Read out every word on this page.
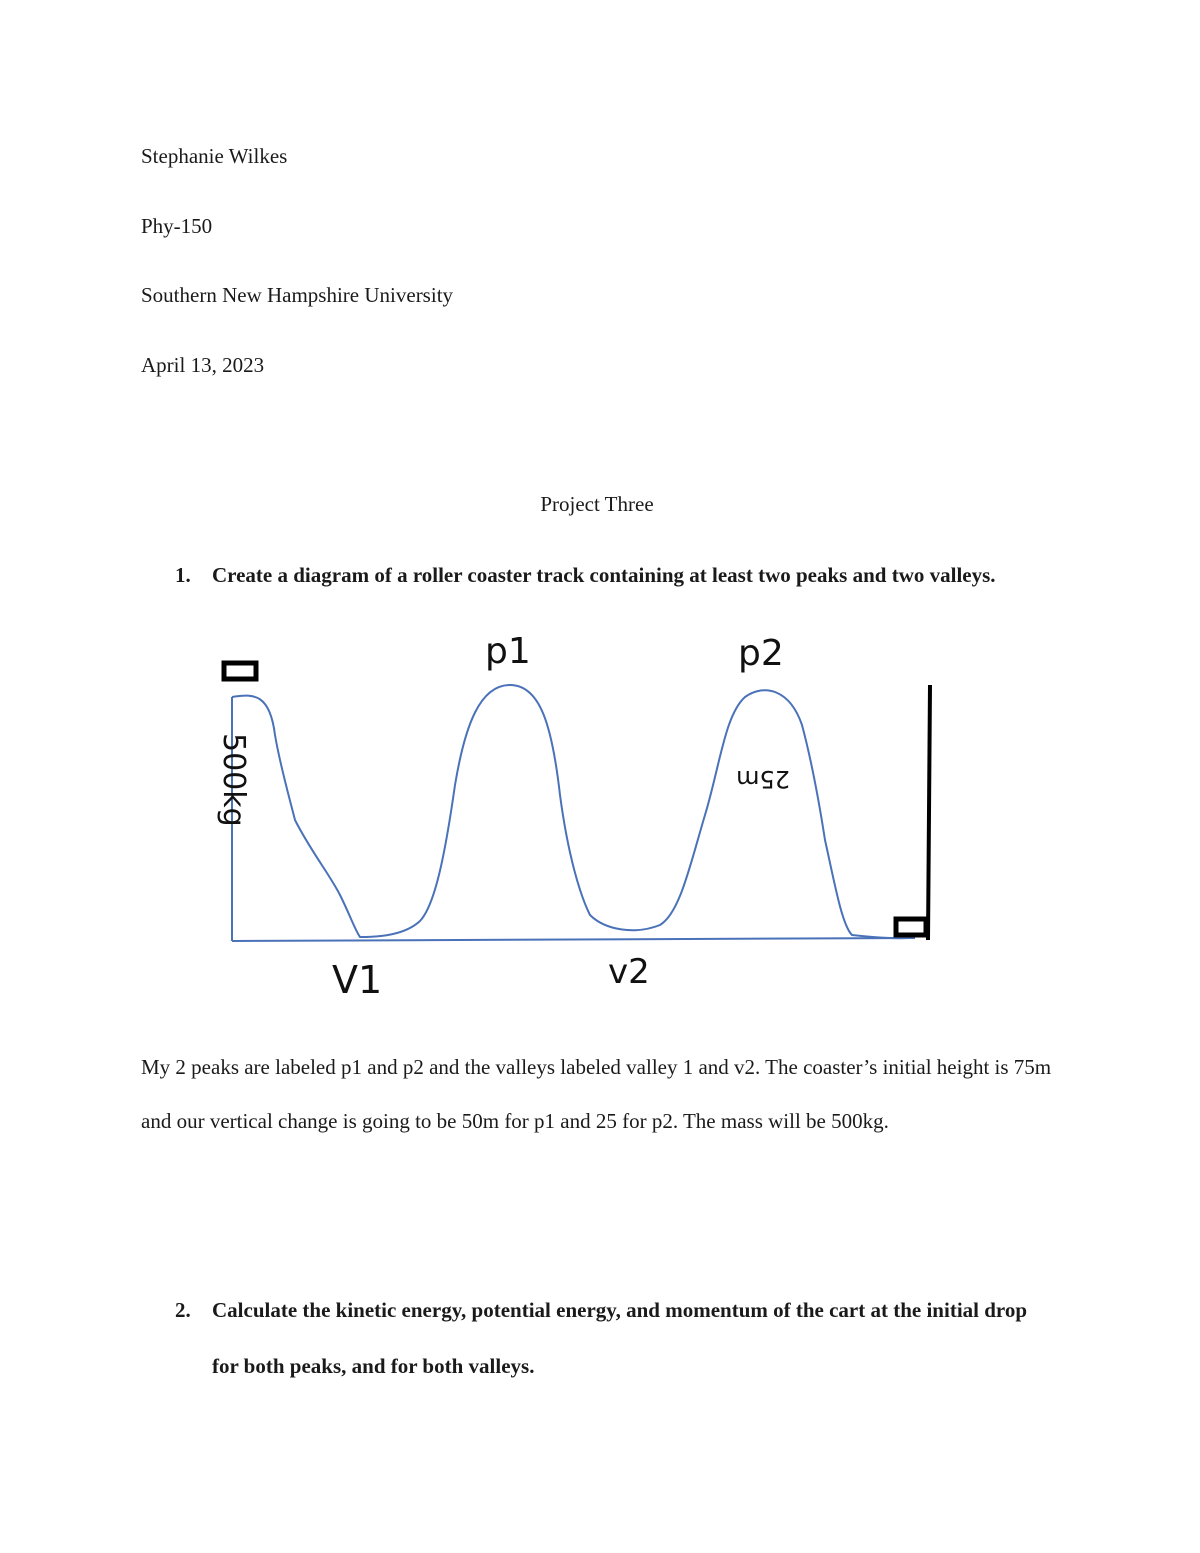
Stephanie Wilkes
Phy-150
Southern New Hampshire University
April 13, 2023
Project Three
1. Create a diagram of a roller coaster track containing at least two peaks and two valleys.
p1	p2
V1	v2
25m
500kg
My 2 peaks are labeled p1 and p2 and the valleys labeled valley 1 and v2. The coaster’s initial height is 75m and our vertical change is going to be 50m for p1 and 25 for p2. The mass will be 500kg.
2. Calculate the kinetic energy, potential energy, and momentum of the cart at the initial drop for both peaks, and for both valleys.
